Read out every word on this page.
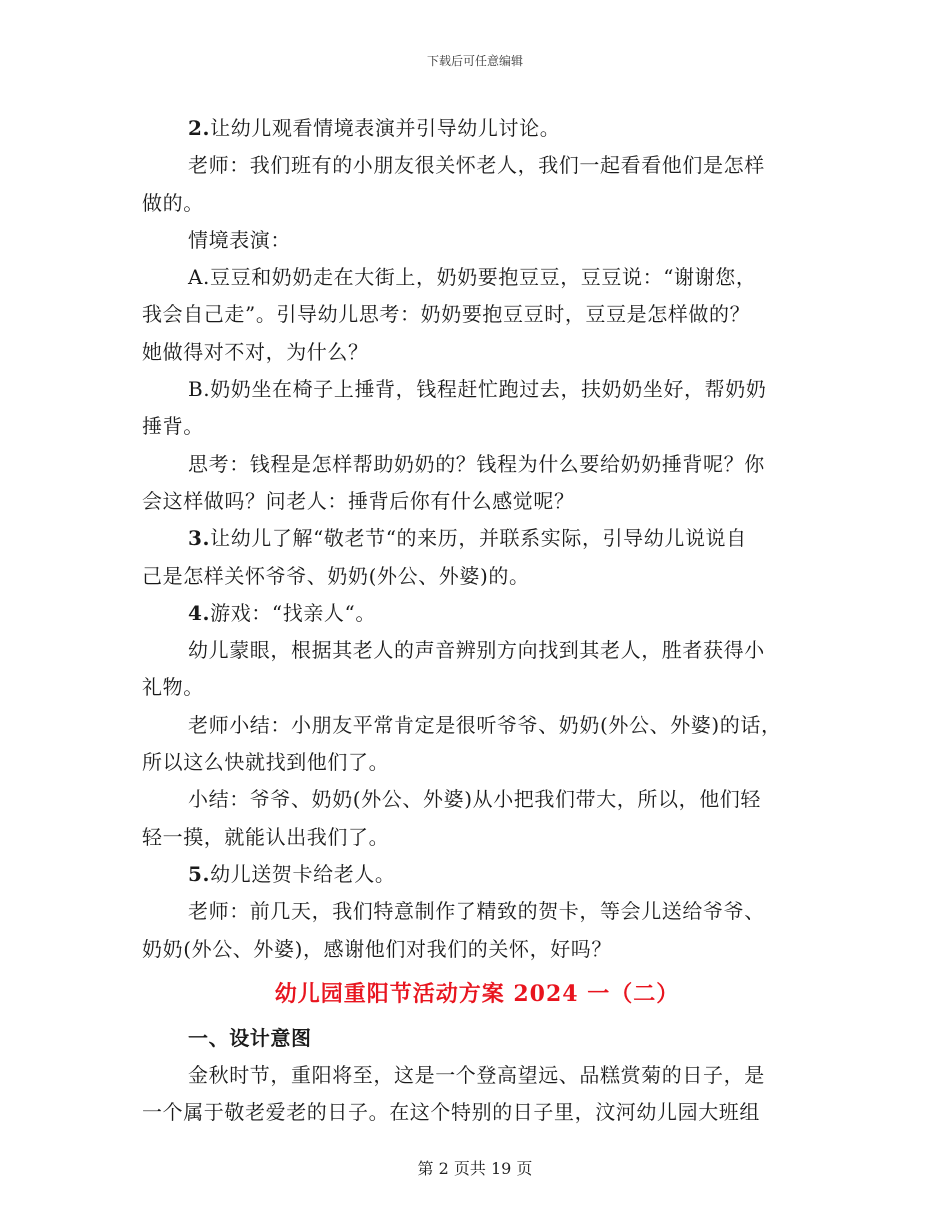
下载后可任意编辑
2.让幼儿观看情境表演并引导幼儿讨论。
老师：我们班有的小朋友很关怀老人，我们一起看看他们是怎样
做的。
情境表演：
A.豆豆和奶奶走在大街上，奶奶要抱豆豆，豆豆说：“谢谢您，
我会自己走”。引导幼儿思考：奶奶要抱豆豆时，豆豆是怎样做的？
她做得对不对，为什么？
B.奶奶坐在椅子上捶背，钱程赶忙跑过去，扶奶奶坐好，帮奶奶
捶背。
思考：钱程是怎样帮助奶奶的？钱程为什么要给奶奶捶背呢？你
会这样做吗？问老人：捶背后你有什么感觉呢？
3.让幼儿了解“敬老节“的来历，并联系实际，引导幼儿说说自
己是怎样关怀爷爷、奶奶(外公、外婆)的。
4.游戏：“找亲人“。
幼儿蒙眼，根据其老人的声音辨别方向找到其老人，胜者获得小
礼物。
老师小结：小朋友平常肯定是很听爷爷、奶奶(外公、外婆)的话，
所以这么快就找到他们了。
小结：爷爷、奶奶(外公、外婆)从小把我们带大，所以，他们轻
轻一摸，就能认出我们了。
5.幼儿送贺卡给老人。
老师：前几天，我们特意制作了精致的贺卡，等会儿送给爷爷、
奶奶(外公、外婆)，感谢他们对我们的关怀，好吗？
幼儿园重阳节活动方案 2024 一（二）
一、设计意图
金秋时节，重阳将至，这是一个登高望远、品糕赏菊的日子，是
一个属于敬老爱老的日子。在这个特别的日子里，汶河幼儿园大班组
第 2 页共 19 页
